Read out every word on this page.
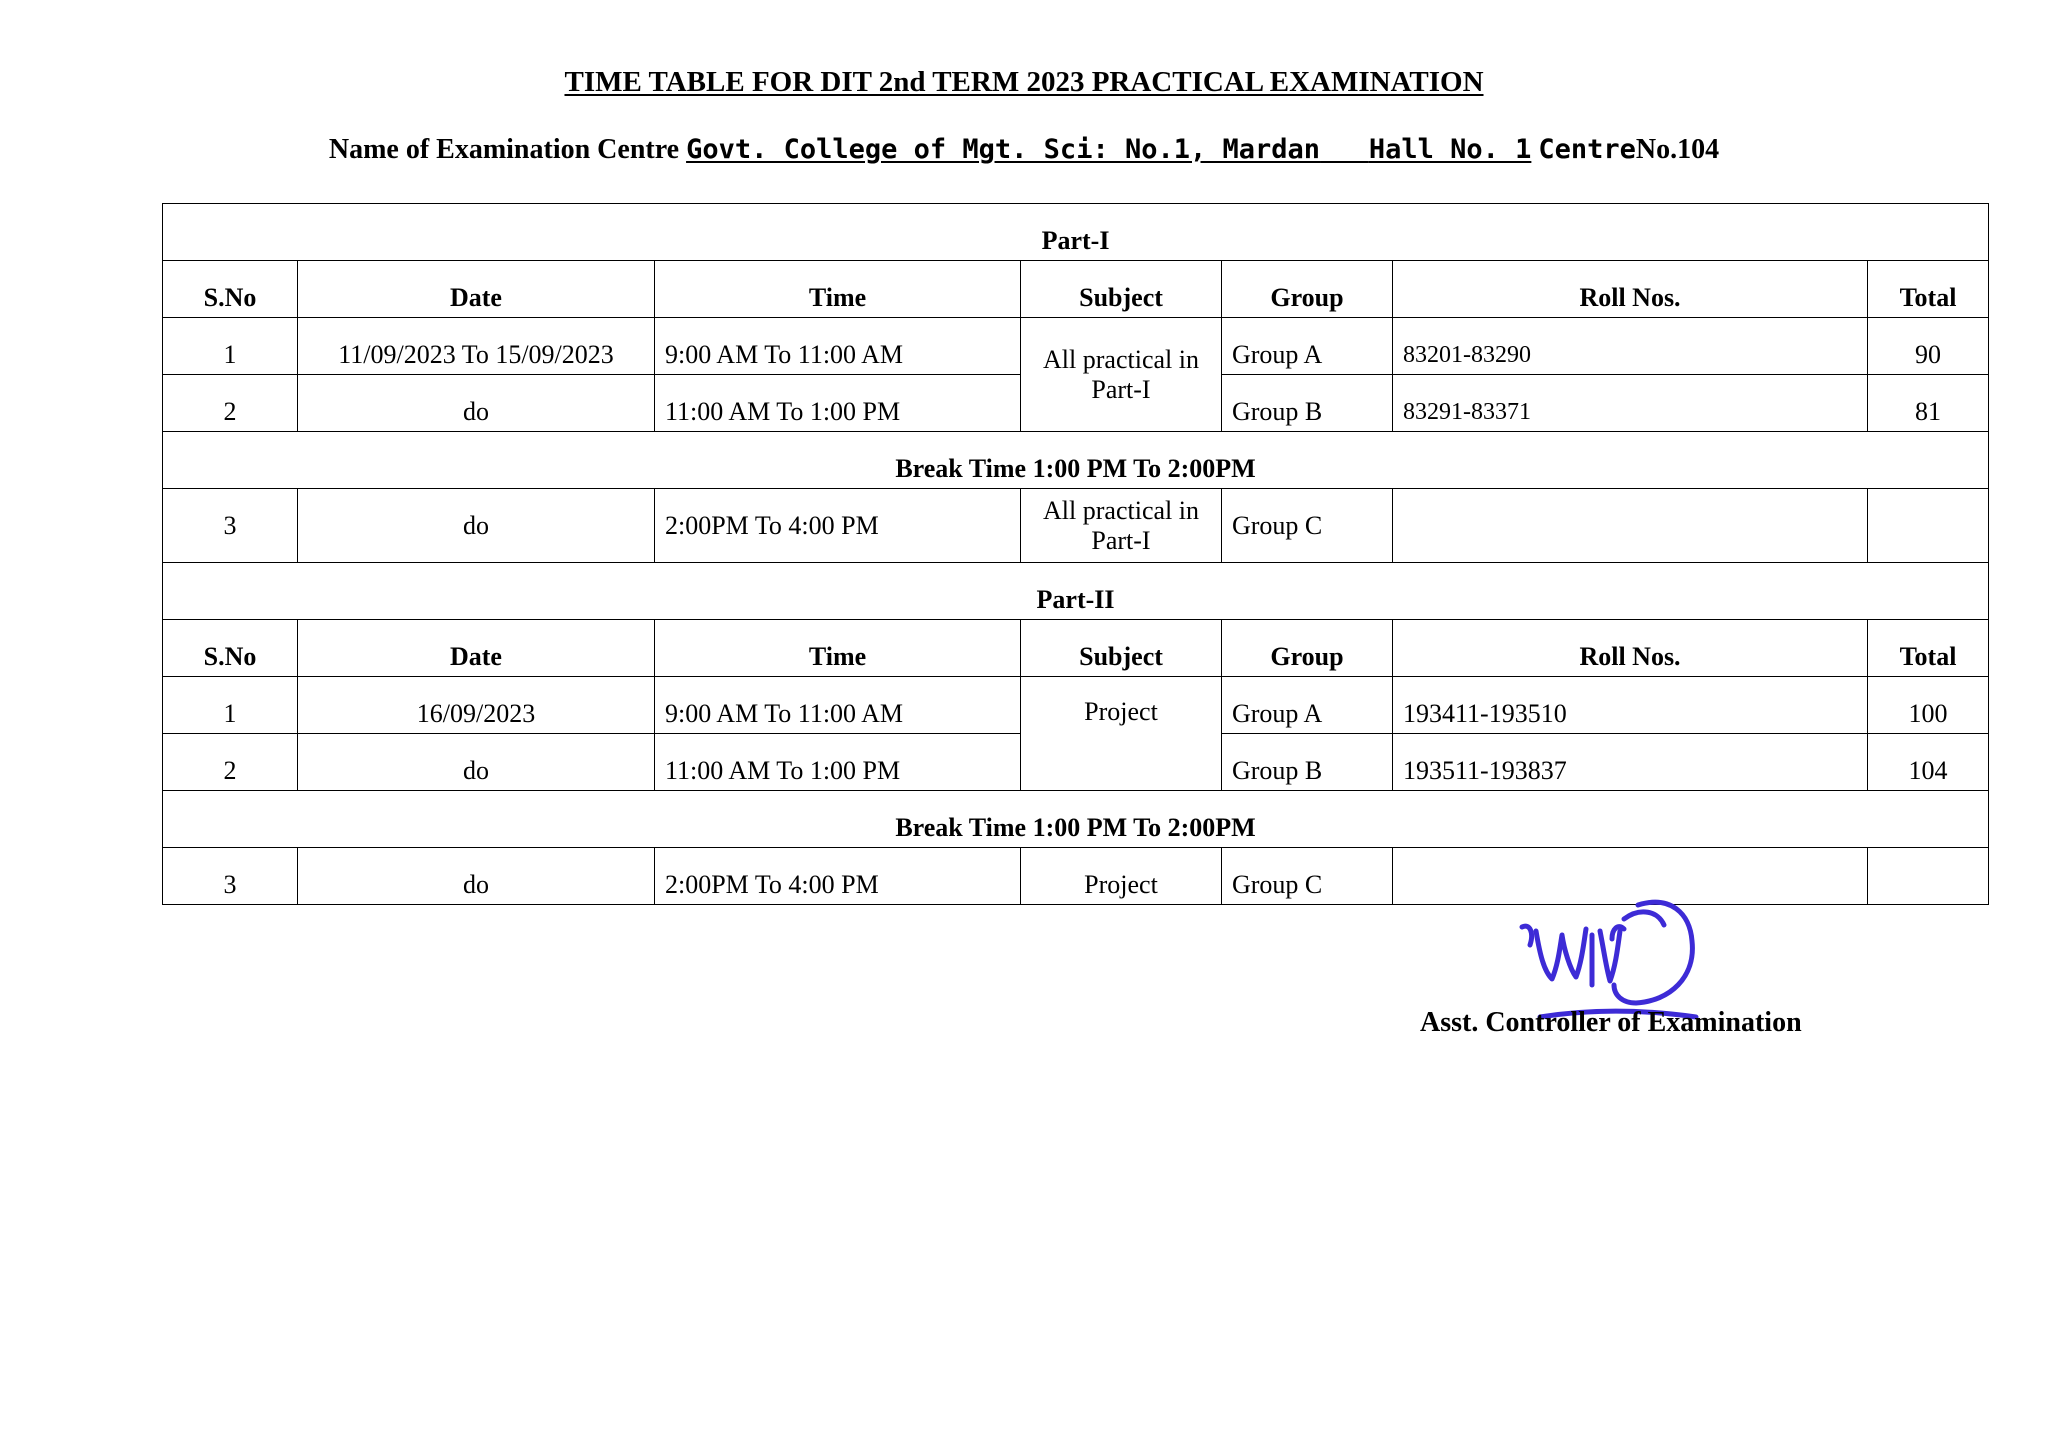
TIME TABLE FOR DIT 2nd TERM 2023 PRACTICAL EXAMINATION
Name of Examination Centre Govt. College of Mgt. Sci: No.1, Mardan Hall No. 1 CentreNo.104
Part-I						
S.No	Date	Time	Subject	Group	Roll Nos.	Total
1	11/09/2023 To 15/09/2023	9:00 AM To 11:00 AM	All practical in Part-I	Group A	83201-83290	90
2	do	11:00 AM To 1:00 PM		Group B	83291-83371	81
Break Time 1:00 PM To 2:00PM						
3	do	2:00PM To 4:00 PM	All practical in Part-I	Group C		
Part-II						
S.No	Date	Time	Subject	Group	Roll Nos.	Total
1	16/09/2023	9:00 AM To 11:00 AM	Project	Group A	193411-193510	100
2	do	11:00 AM To 1:00 PM		Group B	193511-193837	104
Break Time 1:00 PM To 2:00PM						
3	do	2:00PM To 4:00 PM	Project	Group C		
Asst. Controller of Examination
